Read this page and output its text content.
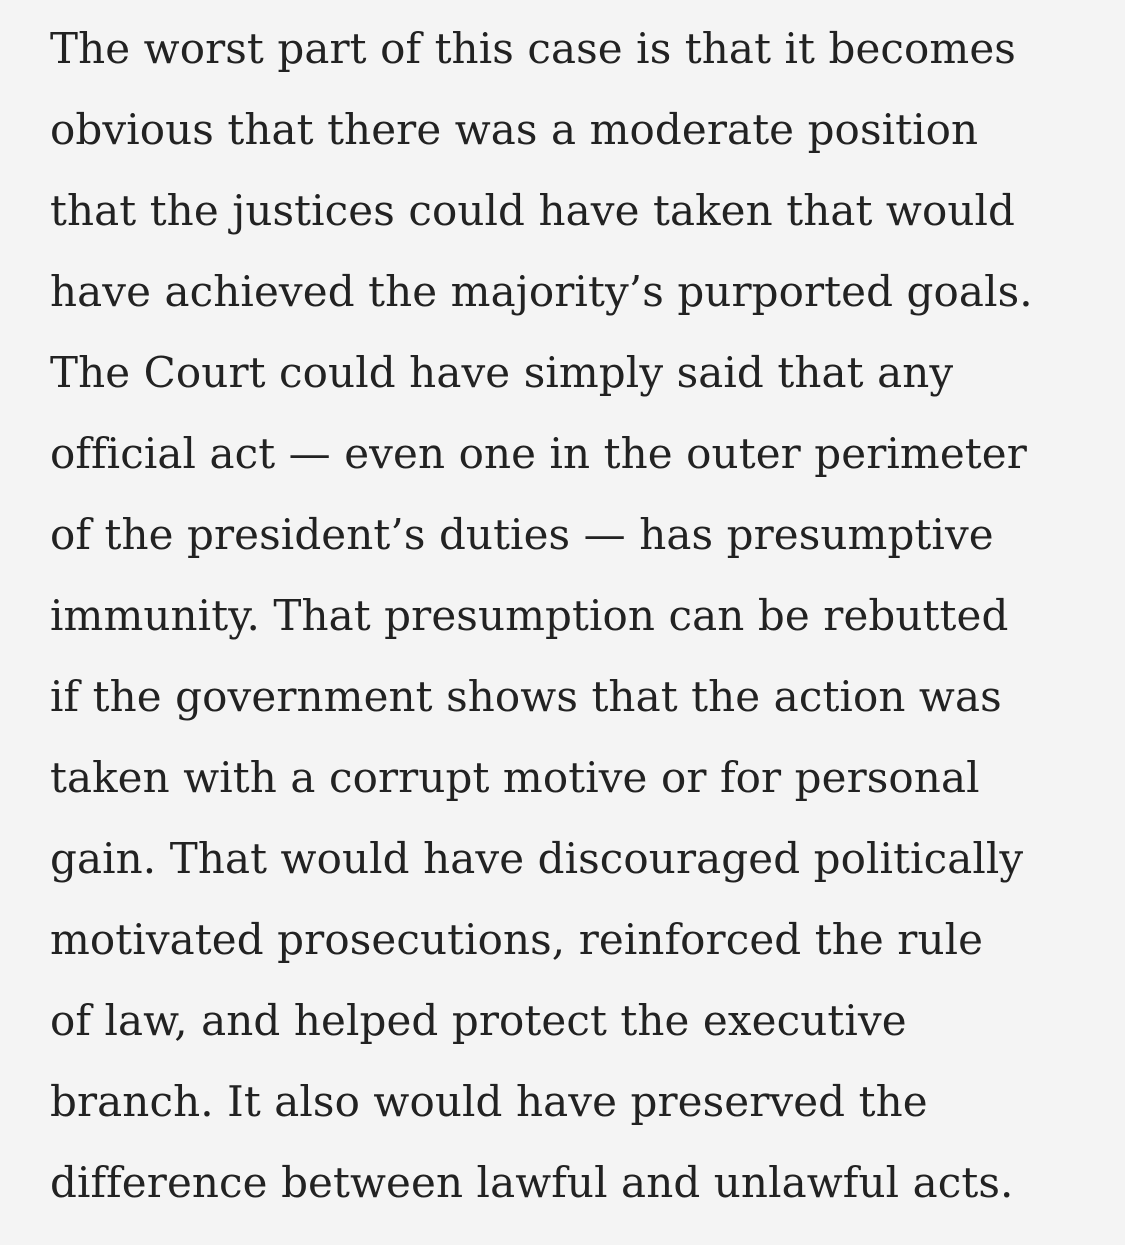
The worst part of this case is that it becomes
obvious that there was a moderate position
that the justices could have taken that would
have achieved the majority’s purported goals.
The Court could have simply said that any
official act — even one in the outer perimeter
of the president’s duties — has presumptive
immunity. That presumption can be rebutted
if the government shows that the action was
taken with a corrupt motive or for personal
gain. That would have discouraged politically
motivated prosecutions, reinforced the rule
of law, and helped protect the executive
branch. It also would have preserved the
difference between lawful and unlawful acts.
